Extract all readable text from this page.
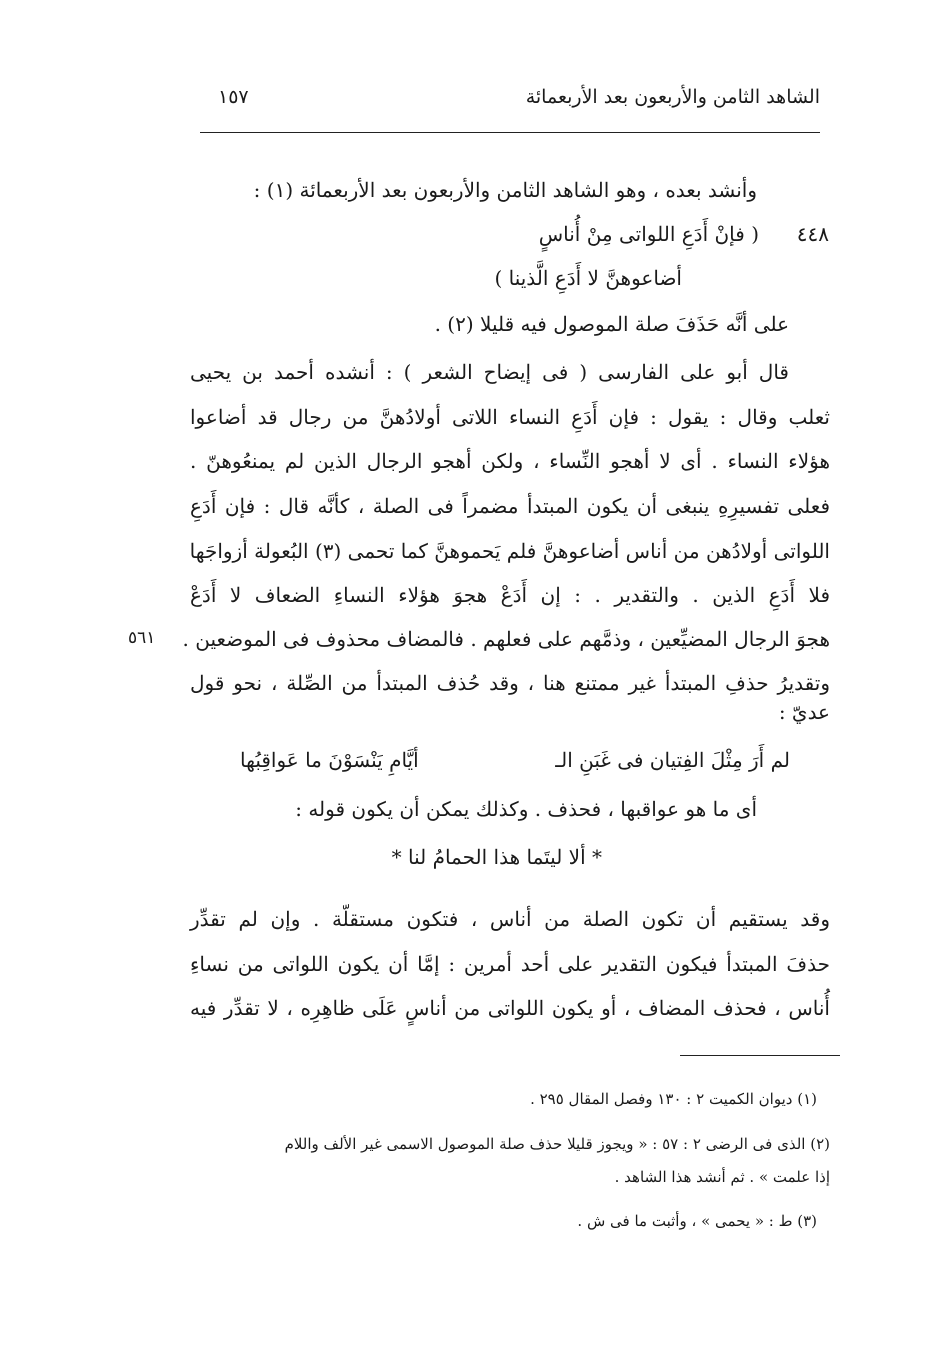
الشاهد الثامن والأربعون بعد الأربعمائة
١٥٧
وأنشد بعده ، وهو الشاهد الثامن والأربعون بعد الأربعمائة (١) :
٤٤٨
( فإنْ أَدَعِ اللواتى مِنْ أُناسٍ
أضاعوهنَّ لا أَدَعِ الَّذينا )
على أنَّه حَذَفَ صلة الموصول فيه قليلا (٢) .
قال أبو على الفارسى ( فى إيضاح الشعر ) : أنشده أحمد بن يحيى
ثعلب وقال : يقول : فإن أَدَعِ النساء اللاتى أولادُهنَّ من رجال قد أضاعوا
هؤلاء النساء . أى لا أهجو النِّساء ، ولكن أهجو الرجال الذين لم يمنعُوهنّ .
فعلى تفسيرِهِ ينبغى أن يكون المبتدأ مضمراً فى الصلة ، كأنَّه قال : فإن أَدَعِ
اللواتى أولادُهن من أناس أضاعوهنَّ فلم يَحموهنَّ كما تحمى (٣) البُعولة أزواجَها
فلا أَدَعِ الذين . والتقدير . : إن أَدَعْ هجوَ هؤلاء النساءِ الضعاف لا أَدَعْ
هجوَ الرجال المضيِّعين ، وذمَّهم على فعلهم . فالمضاف محذوف فى الموضعين .
وتقديرُ حذفِ المبتدأ غير ممتنع هنا ، وقد حُذف المبتدأ من الصِّلة ، نحو قول
عديّ :
٥٦١
لم أَرَ مِثْلَ الفِتيان فى غَبَنِ الـ
أيَّامِ يَنْسَوْنَ ما عَواقِبُها
أى ما هو عواقبها ، فحذف . وكذلك يمكن أن يكون قوله :
* ألا ليتَما هذا الحمامُ لنا *
وقد يستقيم أن تكون الصلة من أناس ، فتكون مستقلّة . وإن لم تقدِّر
حذفَ المبتدأ فيكون التقدير على أحد أمرين : إمَّا أن يكون اللواتى من نساءِ
أُناس ، فحذف المضاف ، أو يكون اللواتى من أناسٍ عَلَى ظاهِرِه ، لا تقدِّر فيه
(١) ديوان الكميت ٢ : ١٣٠ وفصل المقال ٢٩٥ .
(٢) الذى فى الرضى ٢ : ٥٧ : « ويجوز قليلا حذف صلة الموصول الاسمى غير الألف واللام
إذا علمت » . ثم أنشد هذا الشاهد .
(٣) ط : « يحمى » ، وأثبت ما فى ش .
